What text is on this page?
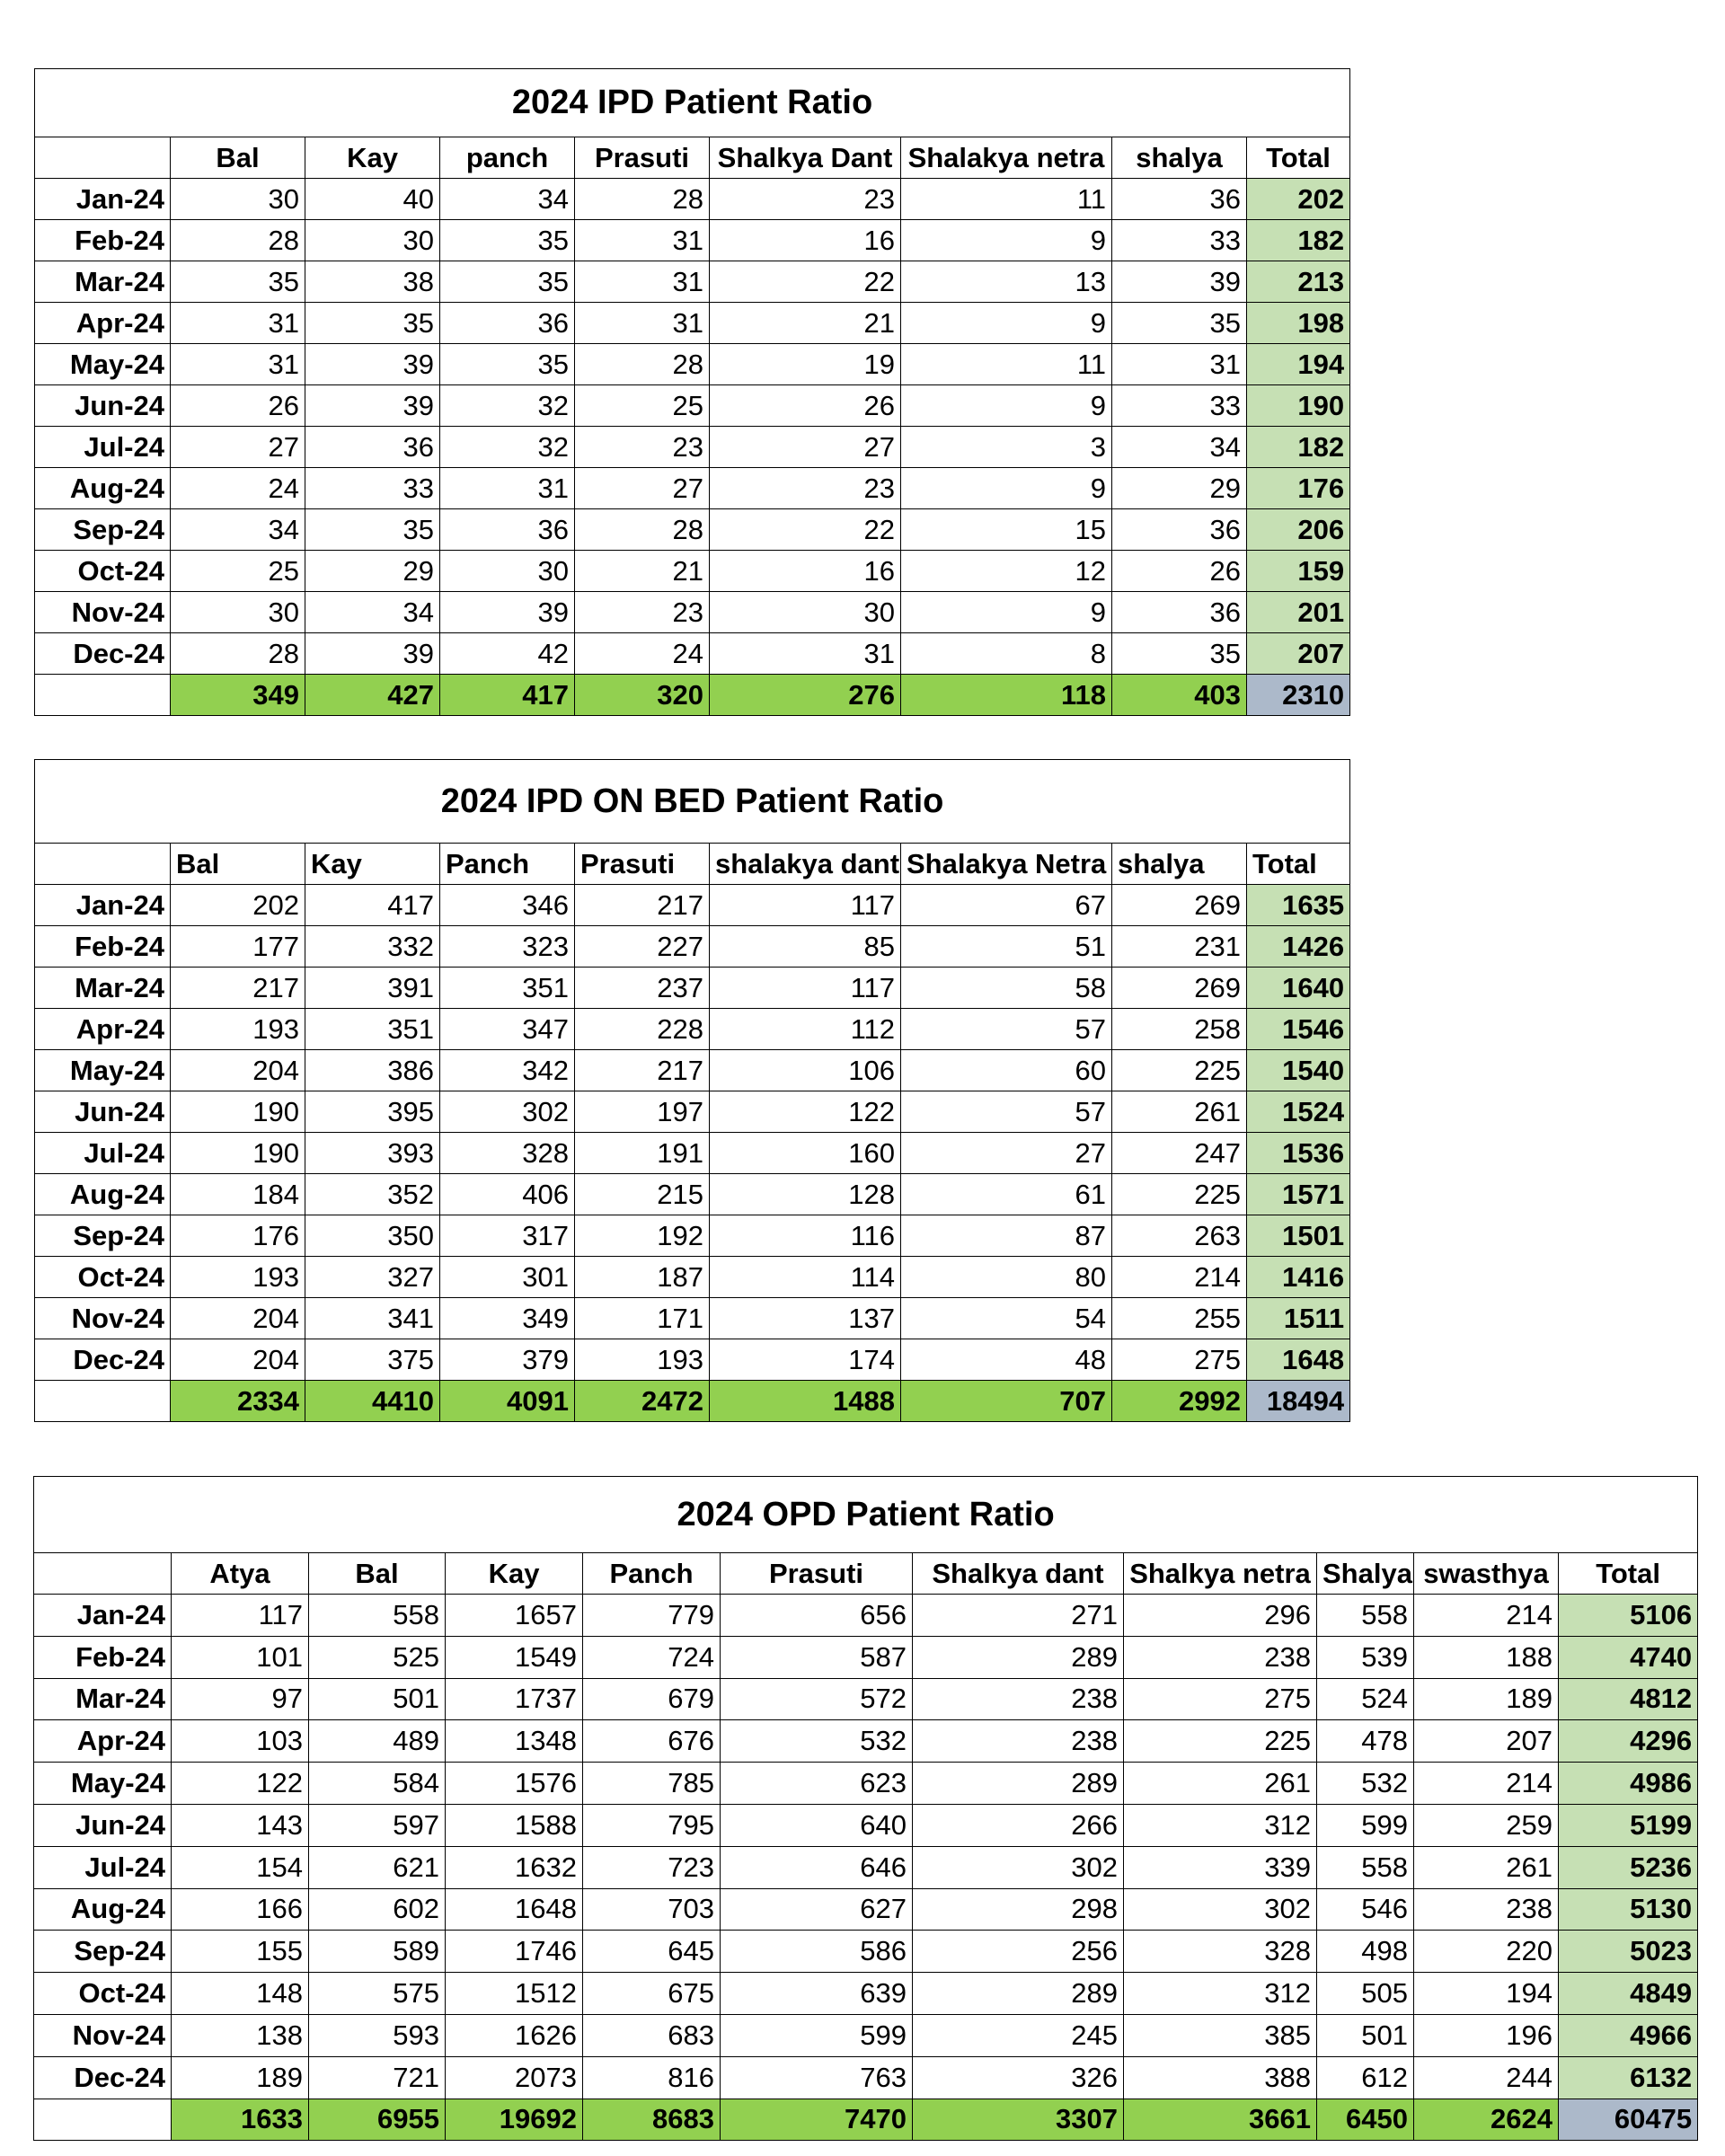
2024 IPD Patient Ratio								
	Bal	Kay	panch	Prasuti	Shalkya Dant	Shalakya netra	shalya	Total
Jan-24	30	40	34	28	23	11	36	202
Feb-24	28	30	35	31	16	9	33	182
Mar-24	35	38	35	31	22	13	39	213
Apr-24	31	35	36	31	21	9	35	198
May-24	31	39	35	28	19	11	31	194
Jun-24	26	39	32	25	26	9	33	190
Jul-24	27	36	32	23	27	3	34	182
Aug-24	24	33	31	27	23	9	29	176
Sep-24	34	35	36	28	22	15	36	206
Oct-24	25	29	30	21	16	12	26	159
Nov-24	30	34	39	23	30	9	36	201
Dec-24	28	39	42	24	31	8	35	207
	349	427	417	320	276	118	403	2310
2024 IPD ON BED Patient Ratio								
	Bal	Kay	Panch	Prasuti	shalakya dant	Shalakya Netra	shalya	Total
Jan-24	202	417	346	217	117	67	269	1635
Feb-24	177	332	323	227	85	51	231	1426
Mar-24	217	391	351	237	117	58	269	1640
Apr-24	193	351	347	228	112	57	258	1546
May-24	204	386	342	217	106	60	225	1540
Jun-24	190	395	302	197	122	57	261	1524
Jul-24	190	393	328	191	160	27	247	1536
Aug-24	184	352	406	215	128	61	225	1571
Sep-24	176	350	317	192	116	87	263	1501
Oct-24	193	327	301	187	114	80	214	1416
Nov-24	204	341	349	171	137	54	255	1511
Dec-24	204	375	379	193	174	48	275	1648
	2334	4410	4091	2472	1488	707	2992	18494
2024 OPD Patient Ratio										
	Atya	Bal	Kay	Panch	Prasuti	Shalkya dant	Shalkya netra	Shalya	swasthya	Total
Jan-24	117	558	1657	779	656	271	296	558	214	5106
Feb-24	101	525	1549	724	587	289	238	539	188	4740
Mar-24	97	501	1737	679	572	238	275	524	189	4812
Apr-24	103	489	1348	676	532	238	225	478	207	4296
May-24	122	584	1576	785	623	289	261	532	214	4986
Jun-24	143	597	1588	795	640	266	312	599	259	5199
Jul-24	154	621	1632	723	646	302	339	558	261	5236
Aug-24	166	602	1648	703	627	298	302	546	238	5130
Sep-24	155	589	1746	645	586	256	328	498	220	5023
Oct-24	148	575	1512	675	639	289	312	505	194	4849
Nov-24	138	593	1626	683	599	245	385	501	196	4966
Dec-24	189	721	2073	816	763	326	388	612	244	6132
	1633	6955	19692	8683	7470	3307	3661	6450	2624	60475
